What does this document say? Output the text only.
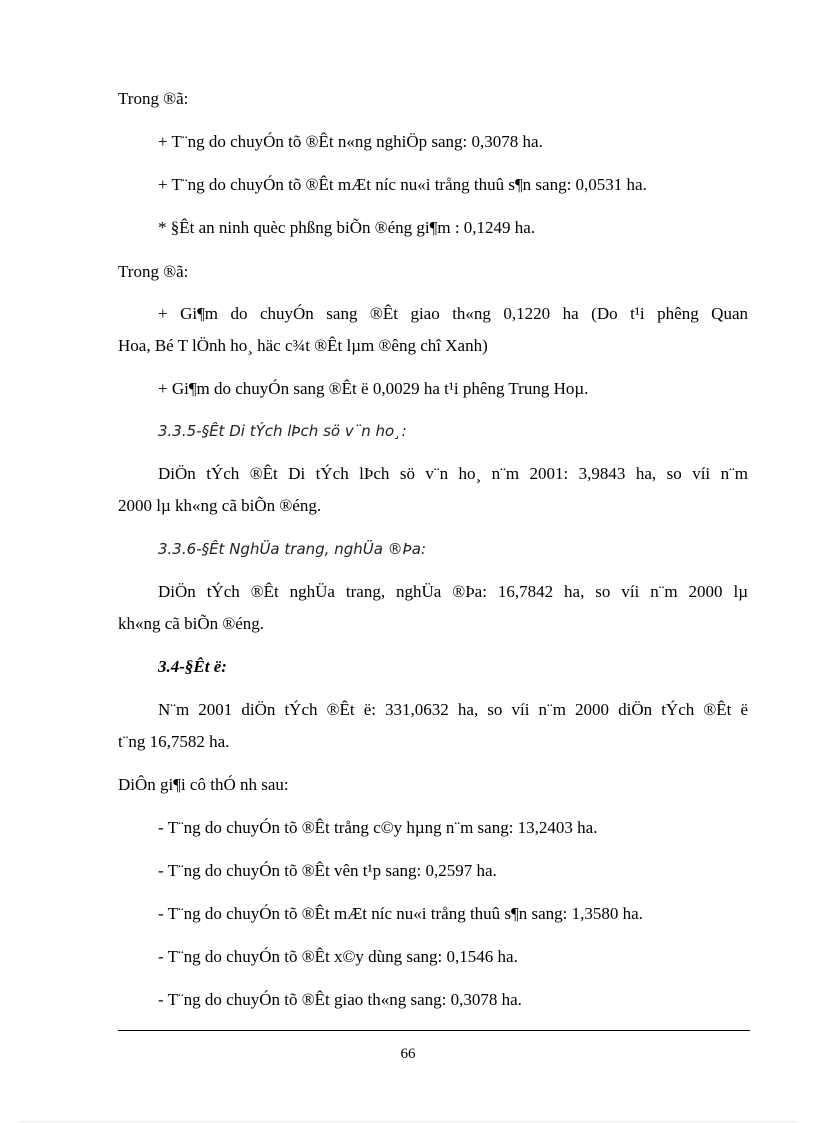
Trong ®ã:
+ T¨ng do chuyÓn tõ ®Êt n«ng nghiÖp sang: 0,3078 ha.
+ T¨ng do chuyÓn tõ ®Êt mÆt níc nu«i trång thuû s¶n sang: 0,0531 ha.
* §Êt an ninh quèc phßng biÕn ®éng gi¶m : 0,1249 ha.
Trong ®ã:
+ Gi¶m do chuyÓn sang ®Êt giao th«ng 0,1220 ha (Do t¹i phêng Quan
Hoa, Bé T lÖnh ho¸ häc c¾t ®Êt lµm ®êng chî Xanh)
+ Gi¶m do chuyÓn sang ®Êt ë 0,0029 ha t¹i phêng Trung Hoµ.
3.3.5-§Êt Di tÝch lÞch sö v¨n ho¸:
DiÖn tÝch ®Êt Di tÝch lÞch sö v¨n ho¸ n¨m 2001: 3,9843 ha, so víi n¨m
2000 lµ kh«ng cã biÕn ®éng.
3.3.6-§Êt NghÜa trang, nghÜa ®Þa:
DiÖn tÝch ®Êt nghÜa trang, nghÜa ®Þa: 16,7842 ha, so víi n¨m 2000 lµ
kh«ng cã biÕn ®éng.
3.4-§Êt ë:
N¨m 2001 diÖn tÝch ®Êt ë: 331,0632 ha, so víi n¨m 2000 diÖn tÝch ®Êt ë
t¨ng 16,7582 ha.
DiÔn gi¶i cô thÓ nh sau:
- T¨ng do chuyÓn tõ ®Êt trång c©y hµng n¨m sang: 13,2403 ha.
- T¨ng do chuyÓn tõ ®Êt vên t¹p sang: 0,2597 ha.
- T¨ng do chuyÓn tõ ®Êt mÆt níc nu«i trång thuû s¶n sang: 1,3580 ha.
- T¨ng do chuyÓn tõ ®Êt x©y dùng sang: 0,1546 ha.
- T¨ng do chuyÓn tõ ®Êt giao th«ng sang: 0,3078 ha.
66
